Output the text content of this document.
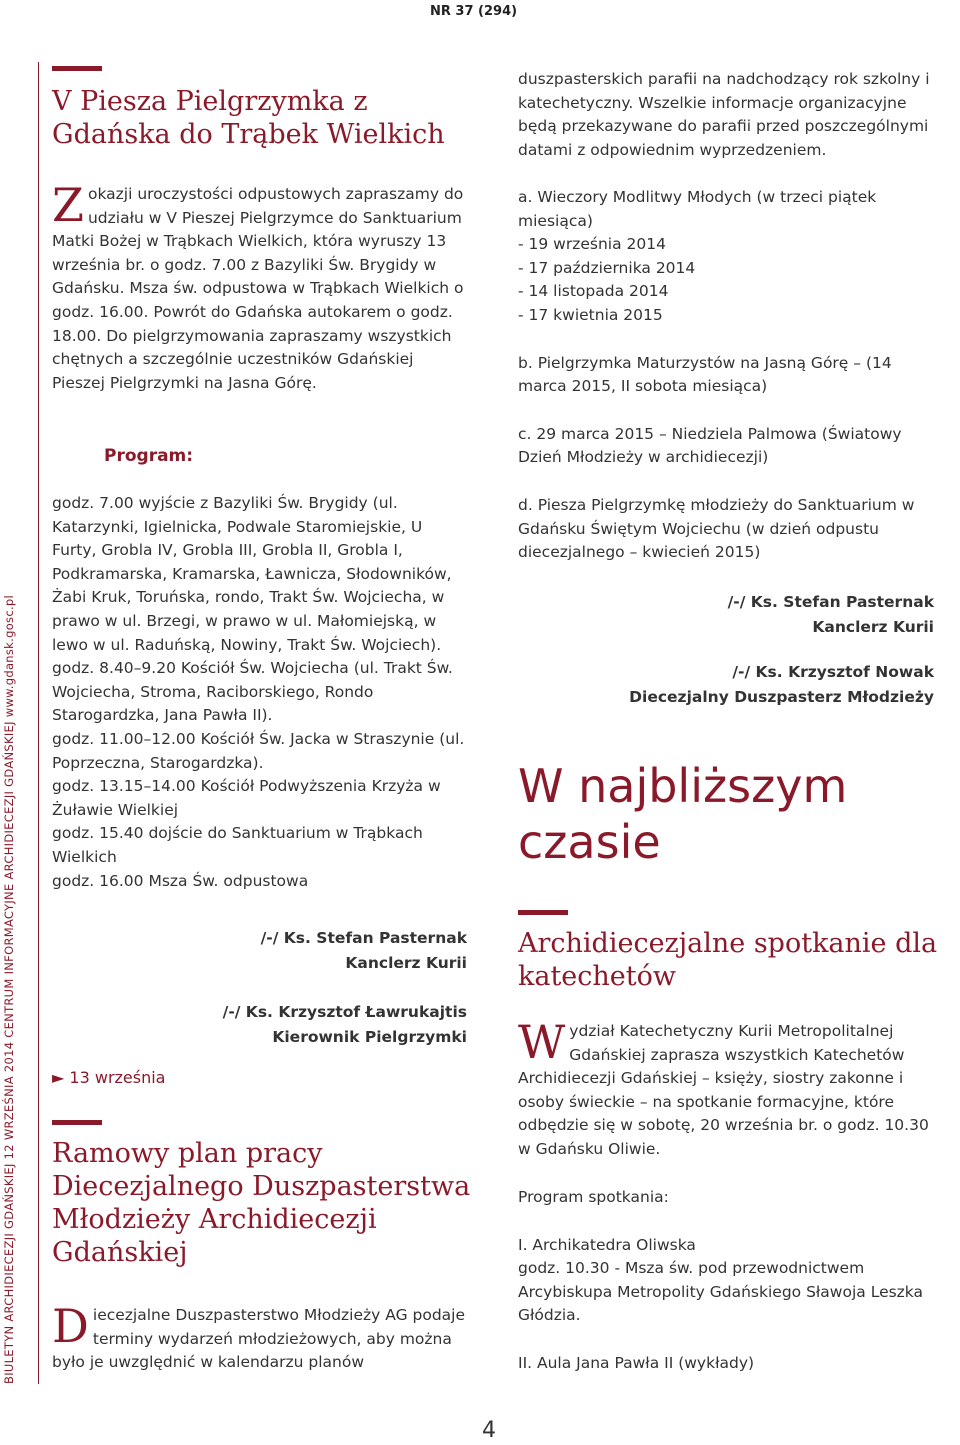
NR 37 (294)
BIULETYN ARCHIDIECEZJI GDAŃSKIEJ 12 WRZEŚNIA 2014 CENTRUM INFORMACYJNE ARCHIDIECEZJI GDAŃSKIEJ www.gdansk.gosc.pl
V Piesza Pielgrzymka z Gdańska do Trąbek Wielkich
Z okazji uroczystości odpustowych zapraszamy do udziału w V Pieszej Pielgrzymce do Sanktuarium Matki Bożej w Trąbkach Wielkich, która wyruszy 13 września br. o godz. 7.00 z Bazyliki Św. Brygidy w Gdańsku. Msza św. odpustowa w Trąbkach Wielkich o godz. 16.00. Powrót do Gdańska autokarem o godz. 18.00. Do pielgrzymowania zapraszamy wszystkich chętnych a szczególnie uczestników Gdańskiej Pieszej Pielgrzymki na Jasna Górę.
Program:

godz. 7.00 wyjście z Bazyliki Św. Brygidy (ul. Katarzynki, Igielnicka, Podwale Staromiejskie, U Furty, Grobla IV, Grobla III, Grobla II, Grobla I, Podkramarska, Kramarska, Ławnicza, Słodowników, Żabi Kruk, Toruńska, rondo, Trakt Św. Wojciecha, w prawo w ul. Brzegi, w prawo w ul. Małomiejską, w lewo w ul. Raduńską, Nowiny, Trakt Św. Wojciech).

godz. 8.40–9.20 Kościół Św. Wojciecha (ul. Trakt Św. Wojciecha, Stroma, Raciborskiego, Rondo Starogardzka, Jana Pawła II).

godz. 11.00–12.00 Kościół Św. Jacka w Straszynie (ul. Poprzeczna, Starogardzka).

godz. 13.15–14.00 Kościół Podwyższenia Krzyża w Żuławie Wielkiej

godz. 15.40 dojście do Sanktuarium w Trąbkach Wielkich

godz. 16.00 Msza Św. odpustowa

/-/ Ks. Stefan Pasternak
Kanclerz Kurii
/-/ Ks. Krzysztof Ławrukajtis
Kierownik Pielgrzymki
► 13 września
Ramowy plan pracy Diecezjalnego Duszpasterstwa Młodzieży Archidiecezji Gdańskiej
D iecezjalne Duszpasterstwo Młodzieży AG podaje terminy wydarzeń młodzieżowych, aby można było je uwzględnić w kalendarzu planów
duszpasterskich parafii na nadchodzący rok szkolny i katechetyczny. Wszelkie informacje organizacyjne będą przekazywane do parafii przed poszczególnymi datami z odpowiednim wyprzedzeniem.

a. Wieczory Modlitwy Młodych (w trzeci piątek miesiąca)

- 19 września 2014

- 17 października 2014

- 14 listopada 2014

- 17 kwietnia 2015

b. Pielgrzymka Maturzystów na Jasną Górę – (14 marca 2015, II sobota miesiąca)

c. 29 marca 2015 – Niedziela Palmowa (Światowy Dzień Młodzieży w archidiecezji)

d. Piesza Pielgrzymkę młodzieży do Sanktuarium w Gdańsku Świętym Wojciechu (w dzień odpustu diecezjalnego – kwiecień 2015)

/-/ Ks. Stefan Pasternak
Kanclerz Kurii
/-/ Ks. Krzysztof Nowak
Diecezjalny Duszpasterz Młodzieży
W najbliższym czasie
Archidiecezjalne spotkanie dla katechetów
W ydział Katechetyczny Kurii Metropolitalnej Gdańskiej zaprasza wszystkich Katechetów Archidiecezji Gdańskiej – księży, siostry zakonne i osoby świeckie – na spotkanie formacyjne, które odbędzie się w sobotę, 20 września br. o godz. 10.30 w Gdańsku Oliwie.

Program spotkania:

I. Archikatedra Oliwska

godz. 10.30 - Msza św. pod przewodnictwem Arcybiskupa Metropolity Gdańskiego Sławoja Leszka Głódzia.

II. Aula Jana Pawła II (wykłady)

4
